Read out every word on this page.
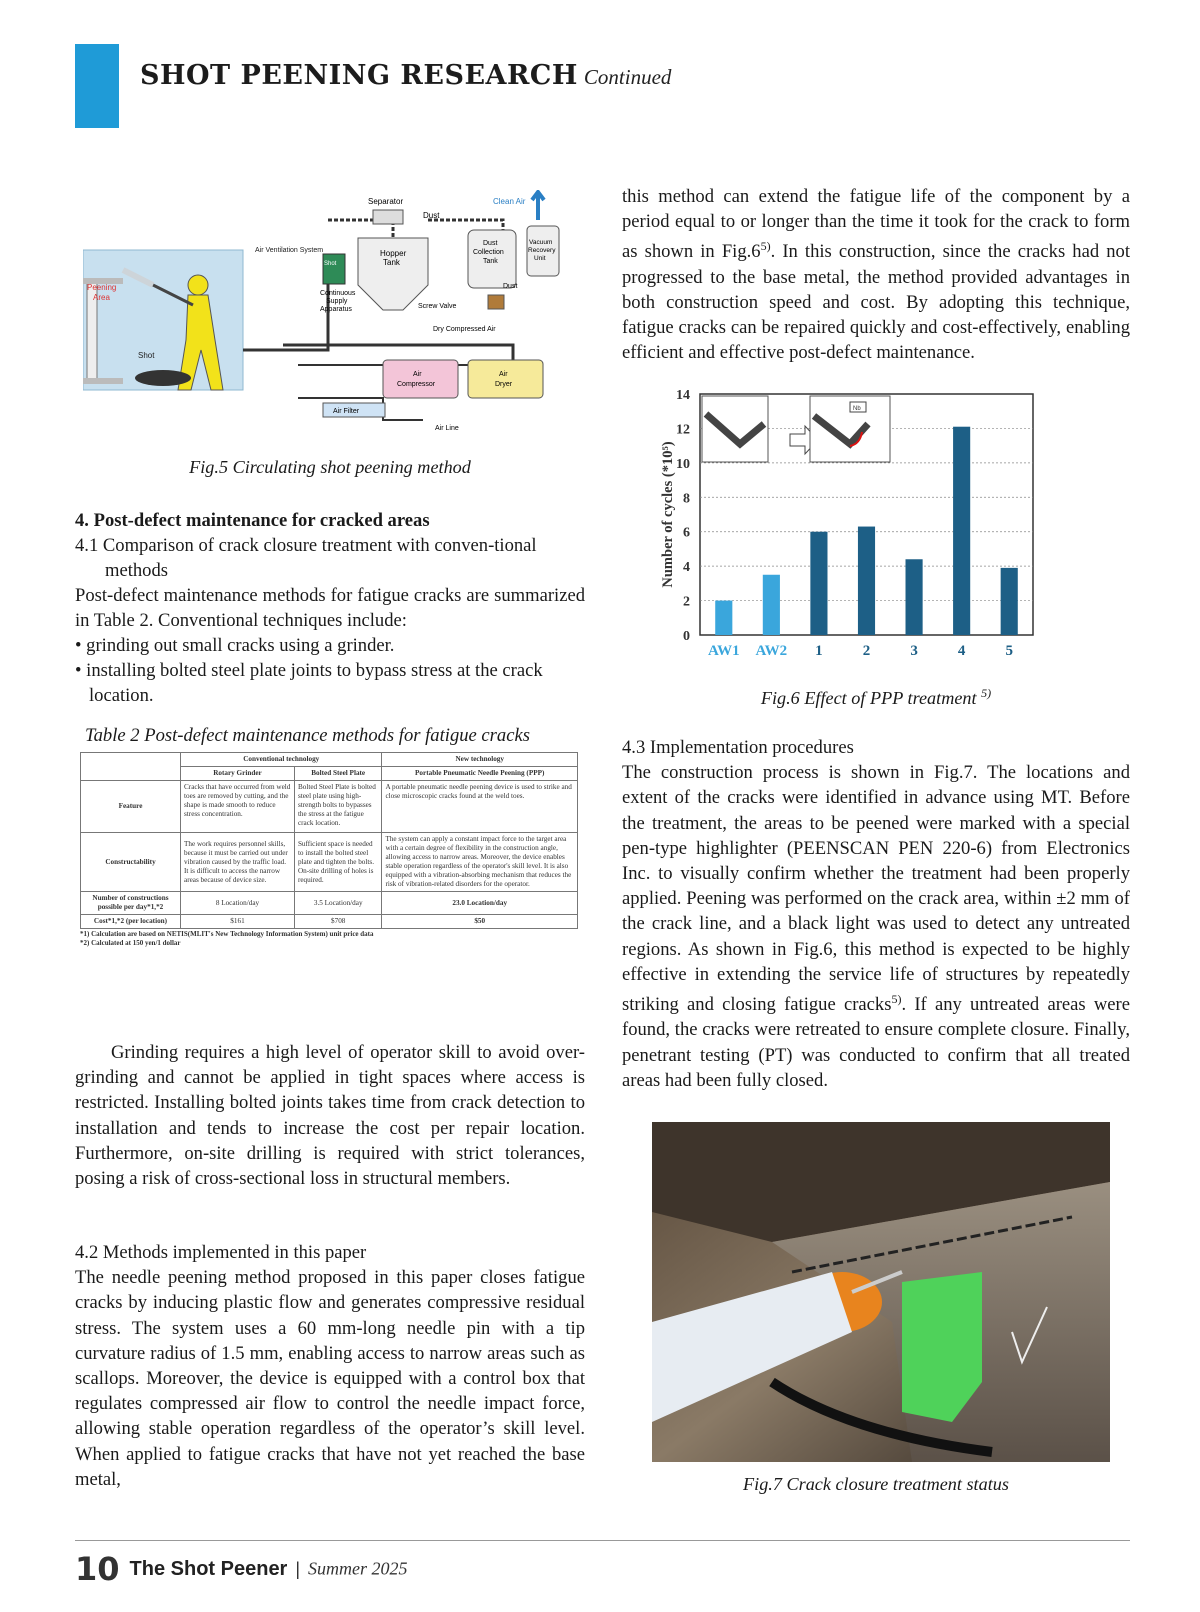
SHOT PEENING RESEARCH Continued
Peening
Area
Shot
Air Ventilation System
Separator
Hopper
Tank
Dust
Dust
Collection
Tank
Vacuum
Recovery
Unit
Clean Air
Dust
Shot
Continuous
Supply
Apparatus	Screw Valve
Dry Compressed Air
Air
Compressor
Air
Dryer
Air Filter
Air Line
Fig.5 Circulating shot peening method
4. Post-defect maintenance for cracked areas
4.1 Comparison of crack closure treatment with conven-tional methods

Post-defect maintenance methods for fatigue cracks are summarized in Table 2. Conventional techniques include:

• grinding out small cracks using a grinder.
• installing bolted steel plate joints to bypass stress at the crack location.
Table 2 Post-defect maintenance methods for fatigue cracks
	Conventional technology		New technology
	Rotary Grinder	Bolted Steel Plate	Portable Pneumatic Needle Peening (PPP)
Feature	Cracks that have occurred from weld toes are removed by cutting, and the shape is made smooth to reduce stress concentration.	Bolted Steel Plate is bolted steel plate using high-strength bolts to bypasses the stress at the fatigue crack location.	A portable pneumatic needle peening device is used to strike and close microscopic cracks found at the weld toes.
Constructability	The work requires personnel skills, because it must be carried out under vibration caused by the traffic load. It is difficult to access the narrow areas because of device size.	Sufficient space is needed to install the bolted steel plate and tighten the bolts. On-site drilling of holes is required.	The system can apply a constant impact force to the target area with a certain degree of flexibility in the construction angle, allowing access to narrow areas. Moreover, the device enables stable operation regardless of the operator's skill level. It is also equipped with a vibration-absorbing mechanism that reduces the risk of vibration-related disorders for the operator.
Number of constructions possible per day*1,*2	8 Location/day	3.5 Location/day	23.0 Location/day
Cost*1,*2 (per location)	$161	$708	$50
*1) Calculation are based on NETIS(MLIT's New Technology Information System) unit price data
*2) Calculated at 150 yen/1 dollar

Grinding requires a high level of operator skill to avoid over-grinding and cannot be applied in tight spaces where access is restricted. Installing bolted joints takes time from crack detection to installation and tends to increase the cost per repair location. Furthermore, on-site drilling is required with strict tolerances, posing a risk of cross-sectional loss in structural members.

4.2 Methods implemented in this paper

The needle peening method proposed in this paper closes fatigue cracks by inducing plastic flow and generates compressive residual stress. The system uses a 60 mm-long needle pin with a tip curvature radius of 1.5 mm, enabling access to narrow areas such as scallops. Moreover, the device is equipped with a control box that regulates compressed air flow to control the needle impact force, allowing stable operation regardless of the operator’s skill level. When applied to fatigue cracks that have not yet reached the base metal,

this method can extend the fatigue life of the component by a period equal to or longer than the time it took for the crack to form as shown in Fig.6$^{5)}$. In this construction, since the cracks had not progressed to the base metal, the method provided advantages in both construction speed and cost. By adopting this technique, fatigue cracks can be repaired quickly and cost-effectively, enabling efficient and effective post-defect maintenance.

0
2
4
6
8
10
12
14
Nb
AW1 AW2 1	2	3	4	5
Number of cycles (*10⁵)
Fig.6 Effect of PPP treatment $^{5)}$
4.3 Implementation procedures

The construction process is shown in Fig.7. The locations and extent of the cracks were identified in advance using MT. Before the treatment, the areas to be peened were marked with a special pen-type highlighter (PEENSCAN PEN 220-6) from Electronics Inc. to visually confirm whether the treatment had been properly applied. Peening was performed on the crack area, within ±2 mm of the crack line, and a black light was used to detect any untreated regions. As shown in Fig.6, this method is expected to be highly effective in extending the service life of structures by repeatedly striking and closing fatigue cracks$^{5)}$. If any untreated areas were found, the cracks were retreated to ensure complete closure. Finally, penetrant testing (PT) was conducted to confirm that all treated areas had been fully closed.

Fig.7 Crack closure treatment status
10 The Shot Peener | Summer 2025
